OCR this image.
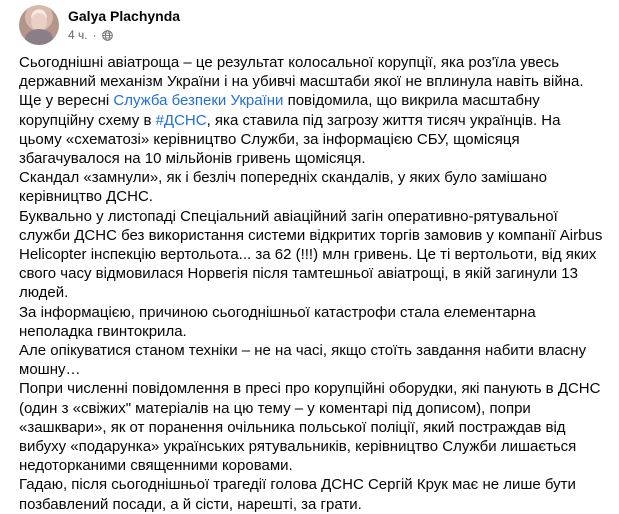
Galya Plachynda
4 ч. ·

Сьогоднішні авіатроща – це результат колосальної корупції, яка роз'їла увесь державний механізм України і на убивчі масштаби якої не вплинула навіть війна.

Ще у вересні Служба безпеки України повідомила, що викрила масштабну корупційну схему в #ДСНС, яка ставила під загрозу життя тисяч українців. На цьому «схематозі» керівництво Служби, за інформацією СБУ, щомісяця збагачувалося на 10 мільйонів гривень щомісяця.

Скандал «замнули», як і безліч попередніх скандалів, у яких було замішано керівництво ДСНС.

Буквально у листопаді Спеціальний авіаційний загін оперативно-рятувальної служби ДСНС без використання системи відкритих торгів замовив у компанії Airbus Helicopter інспекцію вертольота... за 62 (!!!) млн гривень. Це ті вертольоти, від яких свого часу відмовилася Норвегія після тамтешньої авіатрощі, в якій загинули 13 людей.

За інформацією, причиною сьогоднішньої катастрофи стала елементарна неполадка гвинтокрила.

Але опікуватися станом техніки – не на часі, якщо стоїть завдання набити власну мошну…

Попри численні повідомлення в пресі про корупційні оборудки, які панують в ДСНС (один з «свіжих" матеріалів на цю тему – у коментарі під дописом), попри «зашквари», як от поранення очільника польської поліції, який постраждав від вибуху «подарунка» українських рятувальників, керівництво Служби лишається недоторканими священними коровами.

Гадаю, після сьогоднішньої трагедії голова ДСНС Сергій Крук має не лише бути позбавлений посади, а й сісти, нарешті, за грати.
